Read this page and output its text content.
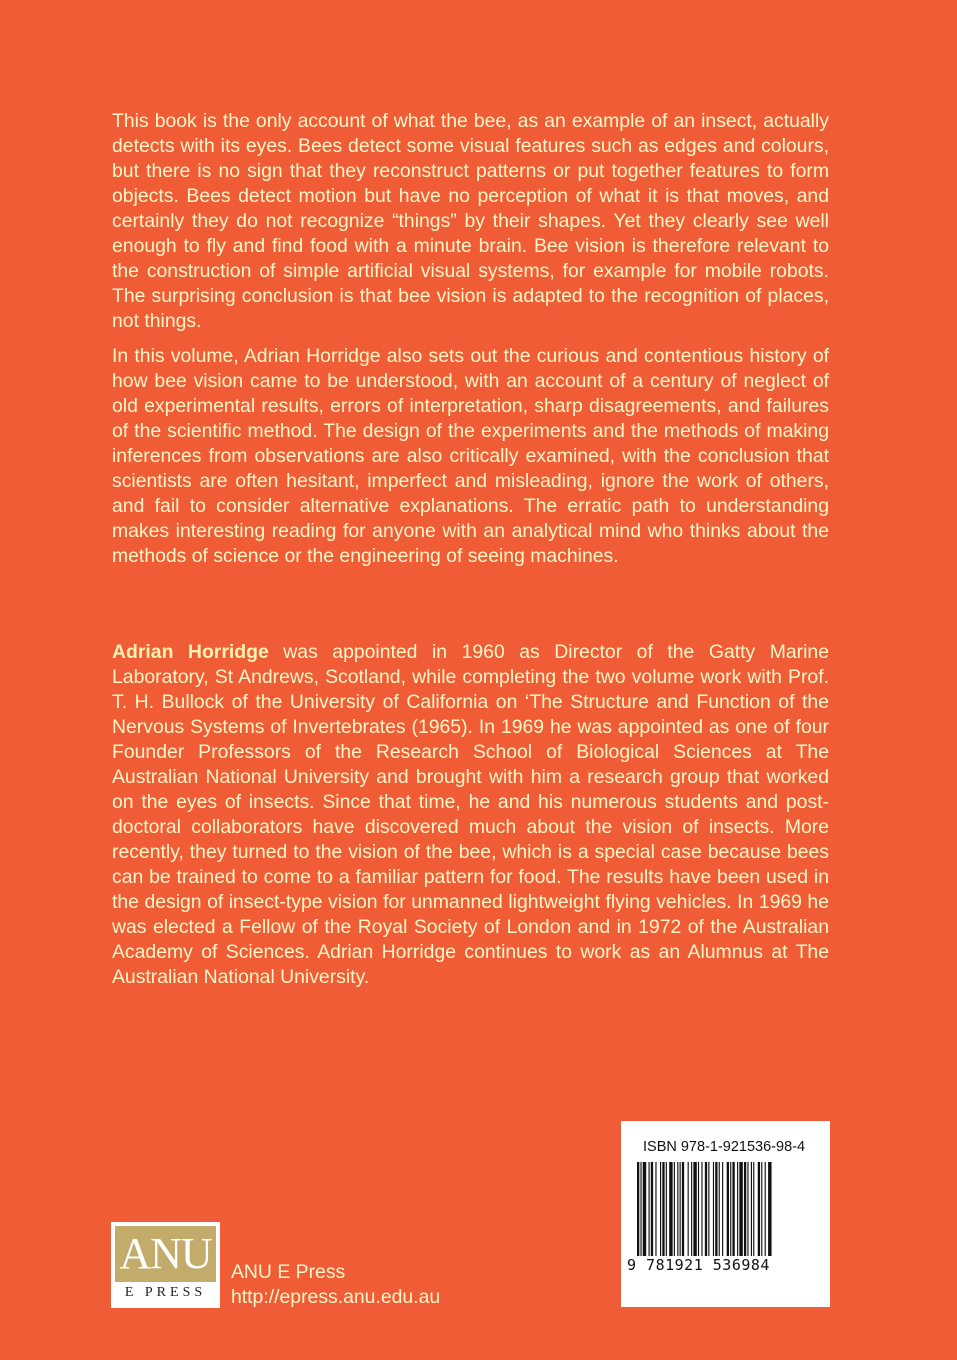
This book is the only account of what the bee, as an example of an insect, actually detects with its eyes. Bees detect some visual features such as edges and colours, but there is no sign that they reconstruct patterns or put together features to form objects. Bees detect motion but have no perception of what it is that moves, and certainly they do not recognize “things” by their shapes. Yet they clearly see well enough to fly and find food with a minute brain. Bee vision is therefore relevant to the construction of simple artificial visual systems, for example for mobile robots. The surprising conclusion is that bee vision is adapted to the recognition of places, not things.

In this volume, Adrian Horridge also sets out the curious and contentious history of how bee vision came to be understood, with an account of a century of neglect of old experimental results, errors of interpretation, sharp disagreements, and failures of the scientific method. The design of the experiments and the methods of making inferences from observations are also critically examined, with the conclusion that scientists are often hesitant, imperfect and misleading, ignore the work of others, and fail to consider alternative explanations. The erratic path to understanding makes interesting reading for anyone with an analytical mind who thinks about the methods of science or the engineering of seeing machines.

Adrian Horridge was appointed in 1960 as Director of the Gatty Marine Laboratory, St Andrews, Scotland, while completing the two volume work with Prof. T. H. Bullock of the University of California on ‘The Structure and Function of the Nervous Systems of Invertebrates (1965). In 1969 he was appointed as one of four Founder Professors of the Research School of Biological Sciences at The Australian National University and brought with him a research group that worked on the eyes of insects. Since that time, he and his numerous students and post-doctoral collaborators have discovered much about the vision of insects. More recently, they turned to the vision of the bee, which is a special case because bees can be trained to come to a familiar pattern for food. The results have been used in the design of insect-type vision for unmanned lightweight flying vehicles. In 1969 he was elected a Fellow of the Royal Society of London and in 1972 of the Australian Academy of Sciences. Adrian Horridge continues to work as an Alumnus at The Australian National University.

ISBN 978-1-921536-98-4
9 781921 536984
ANU
E PRESS
ANU E Press
http://epress.anu.edu.au
